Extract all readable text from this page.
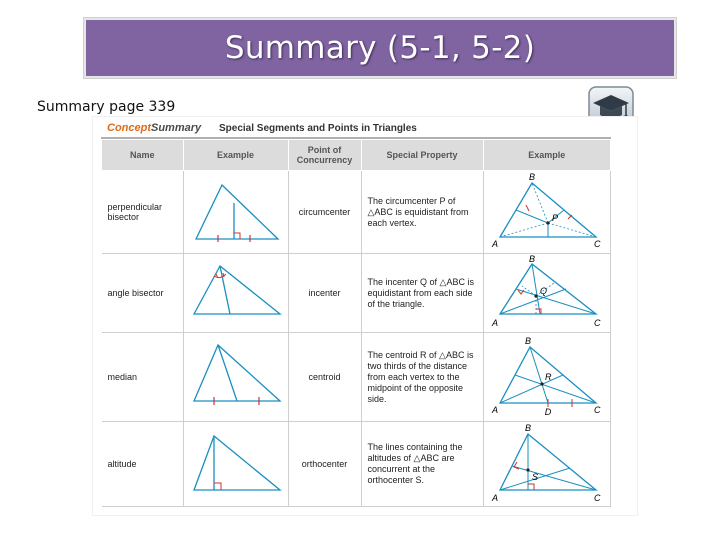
Summary (5-1, 5-2)
Summary page 339
ConceptSummary Special Segments and Points in Triangles
Name	Example	Point of Concurrency	Special Property	Example
perpendicular bisector		circumcenter	The circumcenter P of △ABC is equidistant from each vertex.	B
P
A C

angle bisector		incenter	The incenter Q of △ABC is equidistant from each side of the triangle.	B
Q
A C

median		centroid	The centroid R of △ABC is two thirds of the distance from each vertex to the midpoint of the opposite side.	B
R
A D C

altitude		orthocenter	The lines containing the altitudes of △ABC are concurrent at the orthocenter S.	B
S
A C
